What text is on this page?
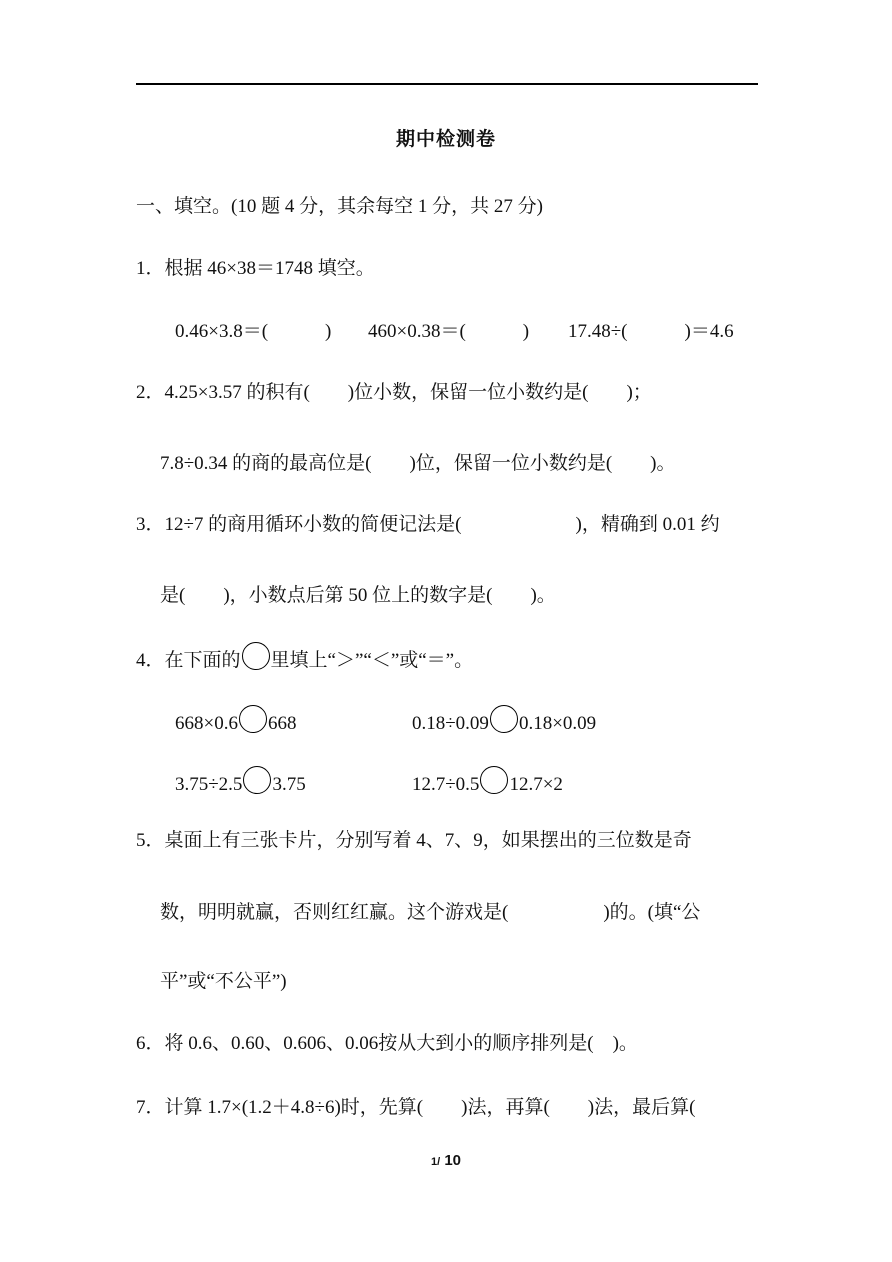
期中检测卷
一、填空。(10 题 4 分，其余每空 1 分，共 27 分)
1．根据 46×38＝1748 填空。
0.46×3.8＝(　　　) 460×0.38＝(　　　) 17.48÷(　　　)＝4.6
2．4.25×3.57 的积有(　　)位小数，保留一位小数约是(　　)；
7.8÷0.34 的商的最高位是(　　)位，保留一位小数约是(　　)。
3．12÷7 的商用循环小数的简便记法是(　　　　　　)，精确到 0.01 约
是(　　)，小数点后第 50 位上的数字是(　　)。
4．在下面的 里填上“＞”“＜”或“＝”。
668×0.6 668	0.18÷0.09 0.18×0.09
3.75÷2.5 3.75	12.7÷0.5 12.7×2
5．桌面上有三张卡片，分别写着 4、7、9，如果摆出的三位数是奇
数，明明就赢，否则红红赢。这个游戏是(　　　　　)的。(填“公
平”或“不公平”)
6．将 0.6、0.60、0.606、0.06按从大到小的顺序排列是(　)。
7．计算 1.7×(1.2＋4.8÷6)时，先算(　　)法，再算(　　)法，最后算(
1/ 10
